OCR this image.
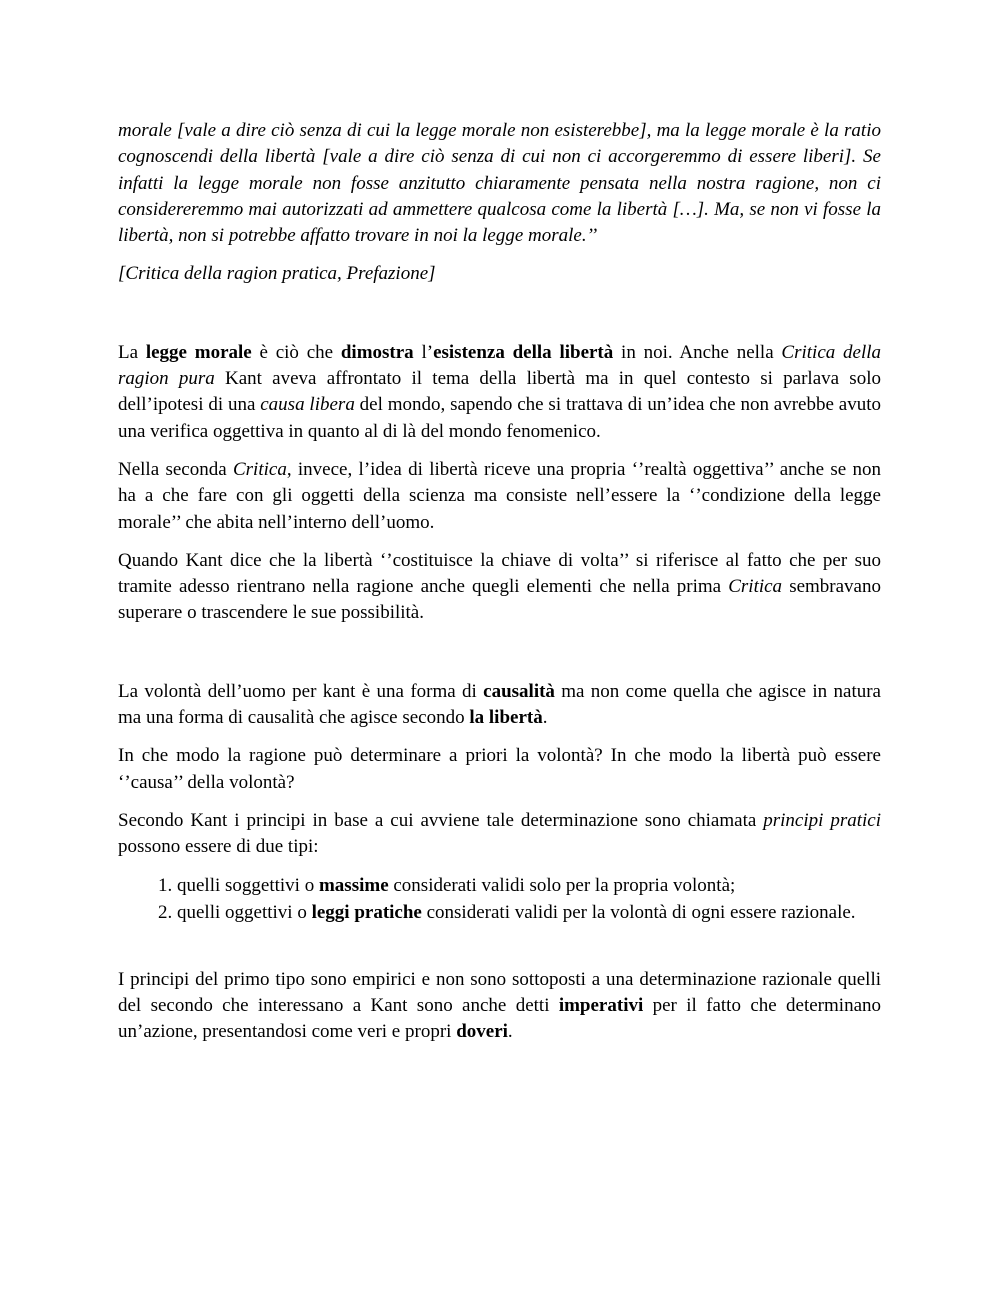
morale [vale a dire ciò senza di cui la legge morale non esisterebbe], ma la legge morale è la ratio cognoscendi della libertà [vale a dire ciò senza di cui non ci accorgeremmo di essere liberi]. Se infatti la legge morale non fosse anzitutto chiaramente pensata nella nostra ragione, non ci considereremmo mai autorizzati ad ammettere qualcosa come la libertà […]. Ma, se non vi fosse la libertà, non si potrebbe affatto trovare in noi la legge morale.’’

[Critica della ragion pratica, Prefazione]

La legge morale è ciò che dimostra l’esistenza della libertà in noi. Anche nella Critica della ragion pura Kant aveva affrontato il tema della libertà ma in quel contesto si parlava solo dell’ipotesi di una causa libera del mondo, sapendo che si trattava di un’idea che non avrebbe avuto una verifica oggettiva in quanto al di là del mondo fenomenico.

Nella seconda Critica, invece, l’idea di libertà riceve una propria ‘’realtà oggettiva’’ anche se non ha a che fare con gli oggetti della scienza ma consiste nell’essere la ‘’condizione della legge morale’’ che abita nell’interno dell’uomo.

Quando Kant dice che la libertà ‘’costituisce la chiave di volta’’ si riferisce al fatto che per suo tramite adesso rientrano nella ragione anche quegli elementi che nella prima Critica sembravano superare o trascendere le sue possibilità.

La volontà dell’uomo per kant è una forma di causalità ma non come quella che agisce in natura ma una forma di causalità che agisce secondo la libertà.

In che modo la ragione può determinare a priori la volontà? In che modo la libertà può essere ‘’causa’’ della volontà?

Secondo Kant i principi in base a cui avviene tale determinazione sono chiamata principi pratici possono essere di due tipi:

1. quelli soggettivi o massime considerati validi solo per la propria volontà;
2. quelli oggettivi o leggi pratiche considerati validi per la volontà di ogni essere razionale.

I principi del primo tipo sono empirici e non sono sottoposti a una determinazione razionale quelli del secondo che interessano a Kant sono anche detti imperativi per il fatto che determinano un’azione, presentandosi come veri e propri doveri.
